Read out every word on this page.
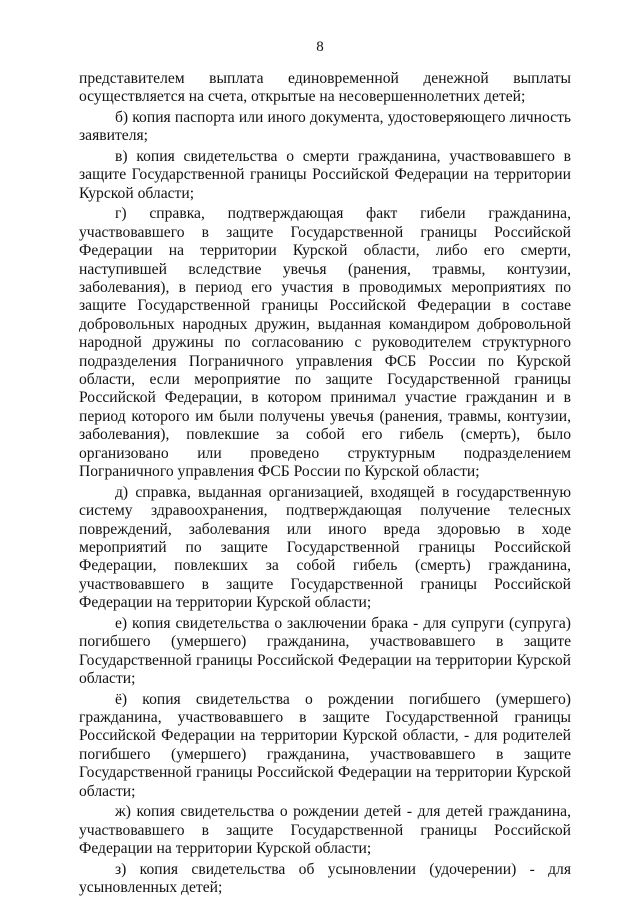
8

представителем выплата единовременной денежной выплаты осуществляется на счета, открытые на несовершеннолетних детей;

б) копия паспорта или иного документа, удостоверяющего личность заявителя;

в) копия свидетельства о смерти гражданина, участвовавшего в защите Государственной границы Российской Федерации на территории Курской области;

г) справка, подтверждающая факт гибели гражданина, участвовавшего в защите Государственной границы Российской Федерации на территории Курской области, либо его смерти, наступившей вследствие увечья (ранения, травмы, контузии, заболевания), в период его участия в проводимых мероприятиях по защите Государственной границы Российской Федерации в составе добровольных народных дружин, выданная командиром добровольной народной дружины по согласованию с руководителем структурного подразделения Пограничного управления ФСБ России по Курской области, если мероприятие по защите Государственной границы Российской Федерации, в котором принимал участие гражданин и в период которого им были получены увечья (ранения, травмы, контузии, заболевания), повлекшие за собой его гибель (смерть), было организовано или проведено структурным подразделением Пограничного управления ФСБ России по Курской области;

д) справка, выданная организацией, входящей в государственную систему здравоохранения, подтверждающая получение телесных повреждений, заболевания или иного вреда здоровью в ходе мероприятий по защите Государственной границы Российской Федерации, повлекших за собой гибель (смерть) гражданина, участвовавшего в защите Государственной границы Российской Федерации на территории Курской области;

е) копия свидетельства о заключении брака - для супруги (супруга) погибшего (умершего) гражданина, участвовавшего в защите Государственной границы Российской Федерации на территории Курской области;

ё) копия свидетельства о рождении погибшего (умершего) гражданина, участвовавшего в защите Государственной границы Российской Федерации на территории Курской области, - для родителей погибшего (умершего) гражданина, участвовавшего в защите Государственной границы Российской Федерации на территории Курской области;

ж) копия свидетельства о рождении детей - для детей гражданина, участвовавшего в защите Государственной границы Российской Федерации на территории Курской области;

з) копия свидетельства об усыновлении (удочерении) - для усыновленных детей;
